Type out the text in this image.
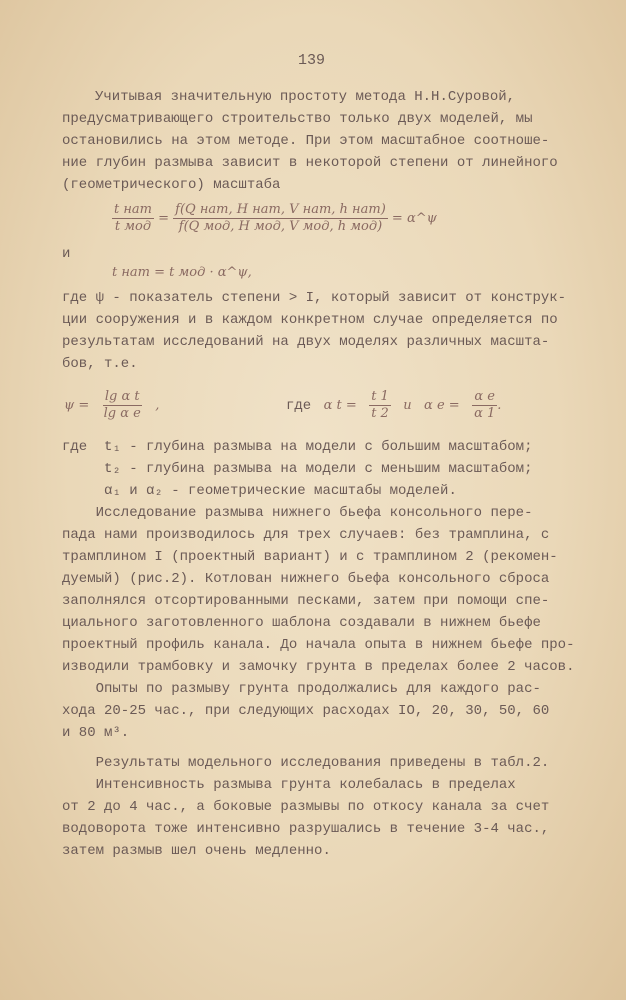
139
Учитывая значительную простоту метода Н.Н.Суровой,
предусматривающего строительство только двух моделей, мы
остановились на этом методе. При этом масштабное соотноше-
ние глубин размыва зависит в некоторой степени от линейного
(геометрического) масштаба
$\frac{\text{t нат}}{\text{t мод}} = \frac{\text{f(Q нат, H нат, V нат, h нат)}}{\text{f(Q мод, H мод, V мод, h мод)}}$ = α^ψ
и
t нат = t мод · α^ψ,
где ψ - показатель степени > I, который зависит от конструк-
ции сооружения и в каждом конкретном случае определяется по
результатам исследований на двух моделях различных масшта-
бов, т.е.
ψ =

$\frac{\text{lg α t}}{\text{lg α e}}$

,	где

α t =

$\frac{t 1}{t 2}$

и

α e =

$\frac{\text{α e}}{\alpha 1}$ .
где  t₁ - глубина размыва на модели с большим масштабом;
t₂ - глубина размыва на модели с меньшим масштабом;
α₁ и α₂ - геометрические масштабы моделей.
Исследование размыва нижнего бьефа консольного пере-
пада нами производилось для трех случаев: без трамплина, с
трамплином I (проектный вариант) и с трамплином 2 (рекомен-
дуемый) (рис.2). Котлован нижнего бьефа консольного сброса
заполнялся отсортированными песками, затем при помощи спе-
циального заготовленного шаблона создавали в нижнем бьефе
проектный профиль канала. До начала опыта в нижнем бьефе про-
изводили трамбовку и замочку грунта в пределах более 2 часов.
Опыты по размыву грунта продолжались для каждого рас-
хода 20-25 час., при следующих расходах IO, 20, 30, 50, 60
и 80 м³.
Результаты модельного исследования приведены в табл.2.
Интенсивность размыва грунта колебалась в пределах
от 2 до 4 час., а боковые размывы по откосу канала за счет
водоворота тоже интенсивно разрушались в течение 3-4 час.,
затем размыв шел очень медленно.
